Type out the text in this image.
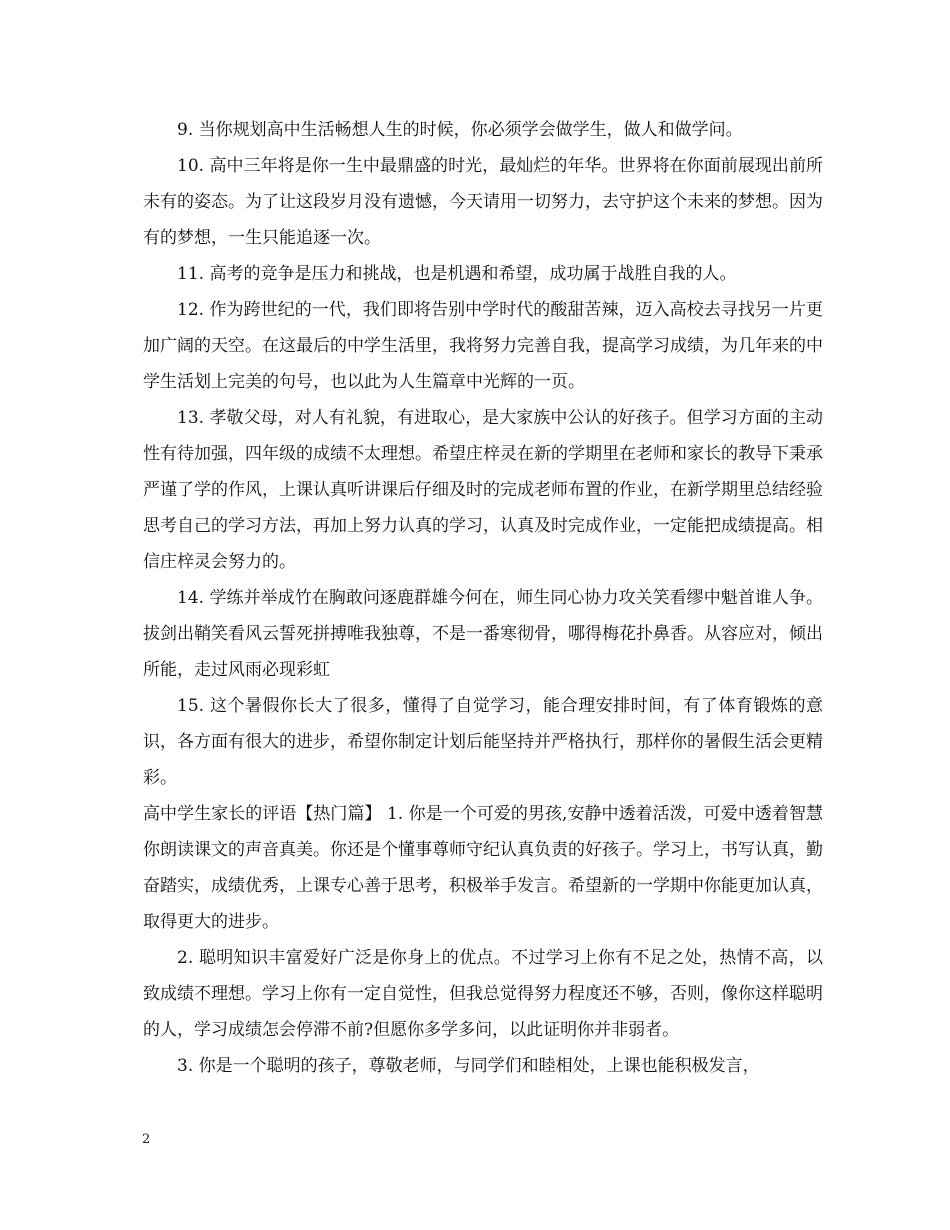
9. 当你规划高中生活畅想人生的时候，你必须学会做学生，做人和做学问。

10. 高中三年将是你一生中最鼎盛的时光，最灿烂的年华。世界将在你面前展现出前所未有的姿态。为了让这段岁月没有遗憾，今天请用一切努力，去守护这个未来的梦想。因为有的梦想，一生只能追逐一次。

11. 高考的竞争是压力和挑战，也是机遇和希望，成功属于战胜自我的人。

12. 作为跨世纪的一代，我们即将告别中学时代的酸甜苦辣，迈入高校去寻找另一片更加广阔的天空。在这最后的中学生活里，我将努力完善自我，提高学习成绩，为几年来的中学生活划上完美的句号，也以此为人生篇章中光辉的一页。

13. 孝敬父母，对人有礼貌，有进取心，是大家族中公认的好孩子。但学习方面的主动性有待加强，四年级的成绩不太理想。希望庄梓灵在新的学期里在老师和家长的教导下秉承严谨了学的作风，上课认真听讲课后仔细及时的完成老师布置的作业，在新学期里总结经验思考自己的学习方法，再加上努力认真的学习，认真及时完成作业，一定能把成绩提高。相信庄梓灵会努力的。

14. 学练并举成竹在胸敢问逐鹿群雄今何在，师生同心协力攻关笑看缪中魁首谁人争。拔剑出鞘笑看风云誓死拼搏唯我独尊，不是一番寒彻骨，哪得梅花扑鼻香。从容应对，倾出所能，走过风雨必现彩虹

15. 这个暑假你长大了很多，懂得了自觉学习，能合理安排时间，有了体育锻炼的意识，各方面有很大的进步，希望你制定计划后能坚持并严格执行，那样你的暑假生活会更精彩。

高中学生家长的评语【热门篇】 1. 你是一个可爱的男孩,安静中透着活泼，可爱中透着智慧你朗读课文的声音真美。你还是个懂事尊师守纪认真负责的好孩子。学习上，书写认真，勤奋踏实，成绩优秀，上课专心善于思考，积极举手发言。希望新的一学期中你能更加认真，取得更大的进步。

2. 聪明知识丰富爱好广泛是你身上的优点。不过学习上你有不足之处，热情不高，以致成绩不理想。学习上你有一定自觉性，但我总觉得努力程度还不够，否则，像你这样聪明的人，学习成绩怎会停滞不前?但愿你多学多问，以此证明你并非弱者。

3. 你是一个聪明的孩子，尊敬老师，与同学们和睦相处，上课也能积极发言，

2
